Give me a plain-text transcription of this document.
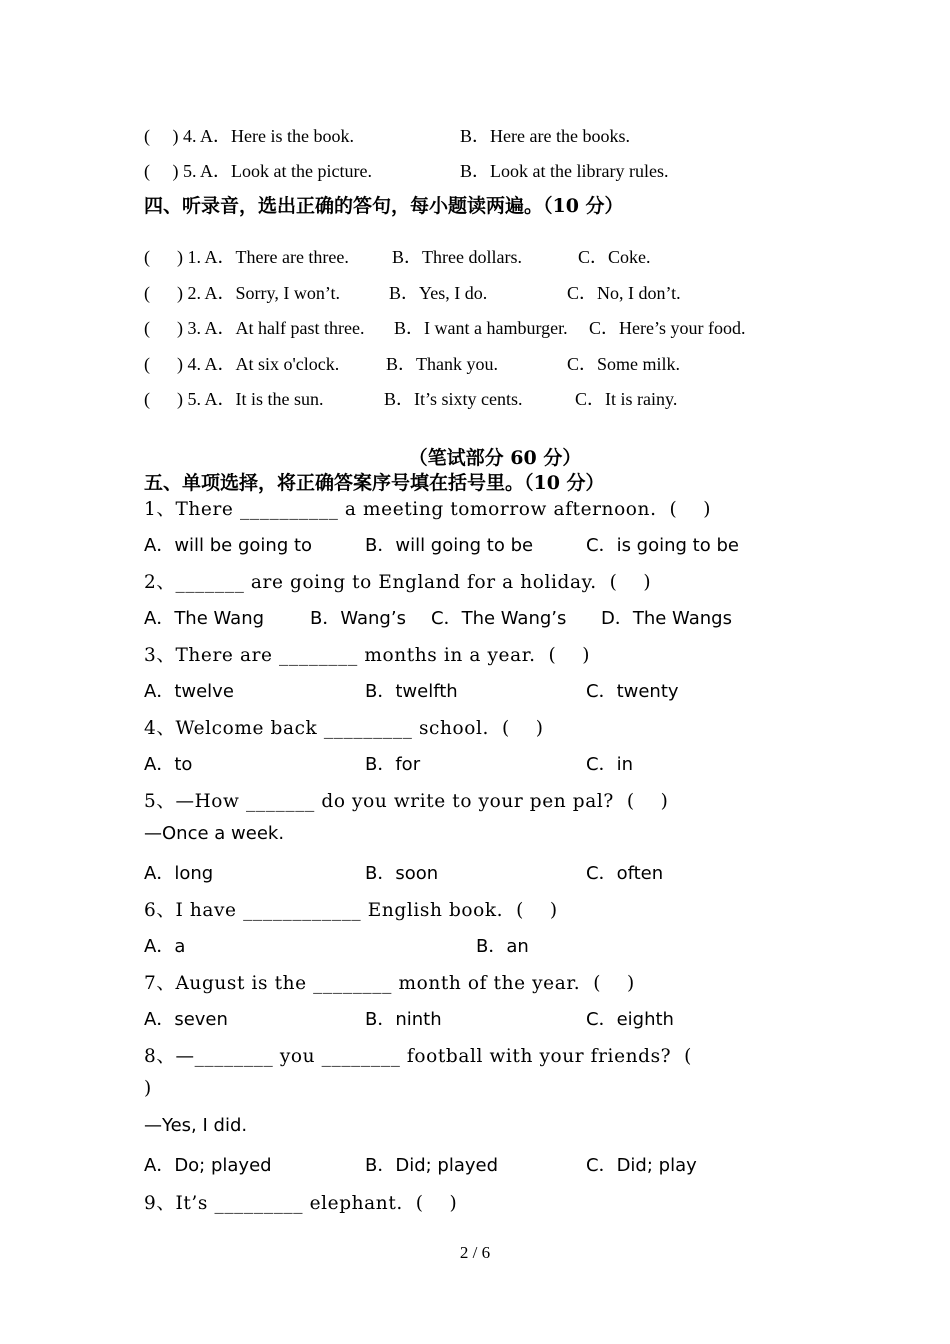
(     ) 4. A．Here is the book.	B．Here are the books.
(     ) 5. A．Look at the picture.	B．Look at the library rules.
四、听录音，选出正确的答句，每小题读两遍。（10 分）
(      ) 1. A．There are three. B．Three dollars.	C．Coke.
(      ) 2. A．Sorry, I won’t.	B．Yes, I do.	C．No, I don’t.
(      ) 3. A．At half past three. B．I want a hamburger. C．Here’s your food.
(      ) 4. A．At six o'clock.	B．Thank you.	C．Some milk.
(      ) 5. A．It is the sun.	B．It’s sixty cents.	C．It is rainy.
（笔试部分 60 分）
五、单项选择，将正确答案序号填在括号里。（10 分）
1、There __________ a meeting tomorrow afternoon.  (    )
A．will be going to	B．will going to be	C．is going to be
2、_______ are going to England for a holiday.  (    )
A．The Wang	B．Wang’s C．The Wang’s D．The Wangs
3、There are ________ months in a year.  (    )
A．twelve	B．twelfth	C．twenty
4、Welcome back _________ school.  (    )
A．to	B．for	C．in
5、—How _______ do you write to your pen pal?  (    )
—Once a week.
A．long	B．soon	C．often
6、I have ____________ English book.  (    )
A．a	B．an
7、August is the ________ month of the year.  (    )
A．seven	B．ninth	C．eighth
8、—________ you ________ football with your friends?  (
)
—Yes, I did.
A．Do; played	B．Did; played	C．Did; play
9、It’s _________ elephant.  (    )
2 / 6
